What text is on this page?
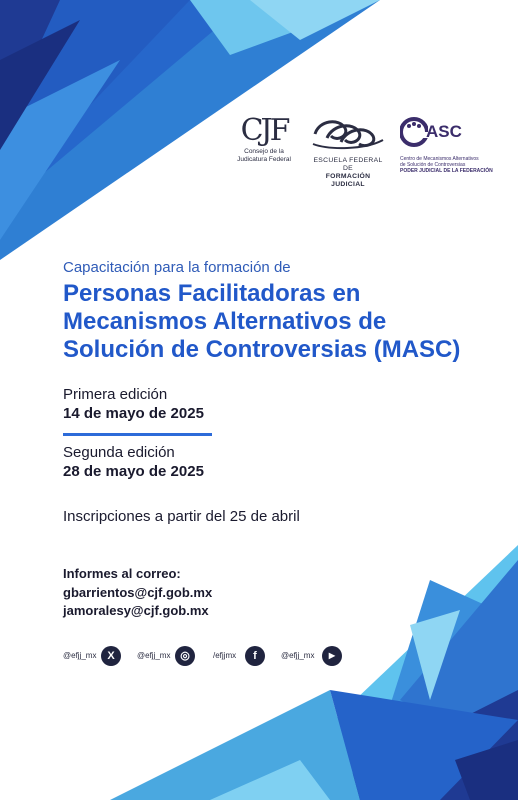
CJF
Consejo de la
Judicatura Federal	ESCUELA FEDERAL DE
FORMACIÓN JUDICIAL
ASC
Centro de Mecanismos Alternativos
de Solución de Controversias
PODER JUDICIAL DE LA FEDERACIÓN
Capacitación para la formación de
Personas Facilitadoras en
Mecanismos Alternativos de
Solución de Controversias (MASC)
Primera edición
14 de mayo de 2025
Segunda edición
28 de mayo de 2025
Inscripciones a partir del 25 de abril
Informes al correo:
gbarrientos@cjf.gob.mx
jamoralesy@cjf.gob.mx
@efjj_mx X	@efjj_mx ◎	/efjjmx	f	@efjj_mx	▶
